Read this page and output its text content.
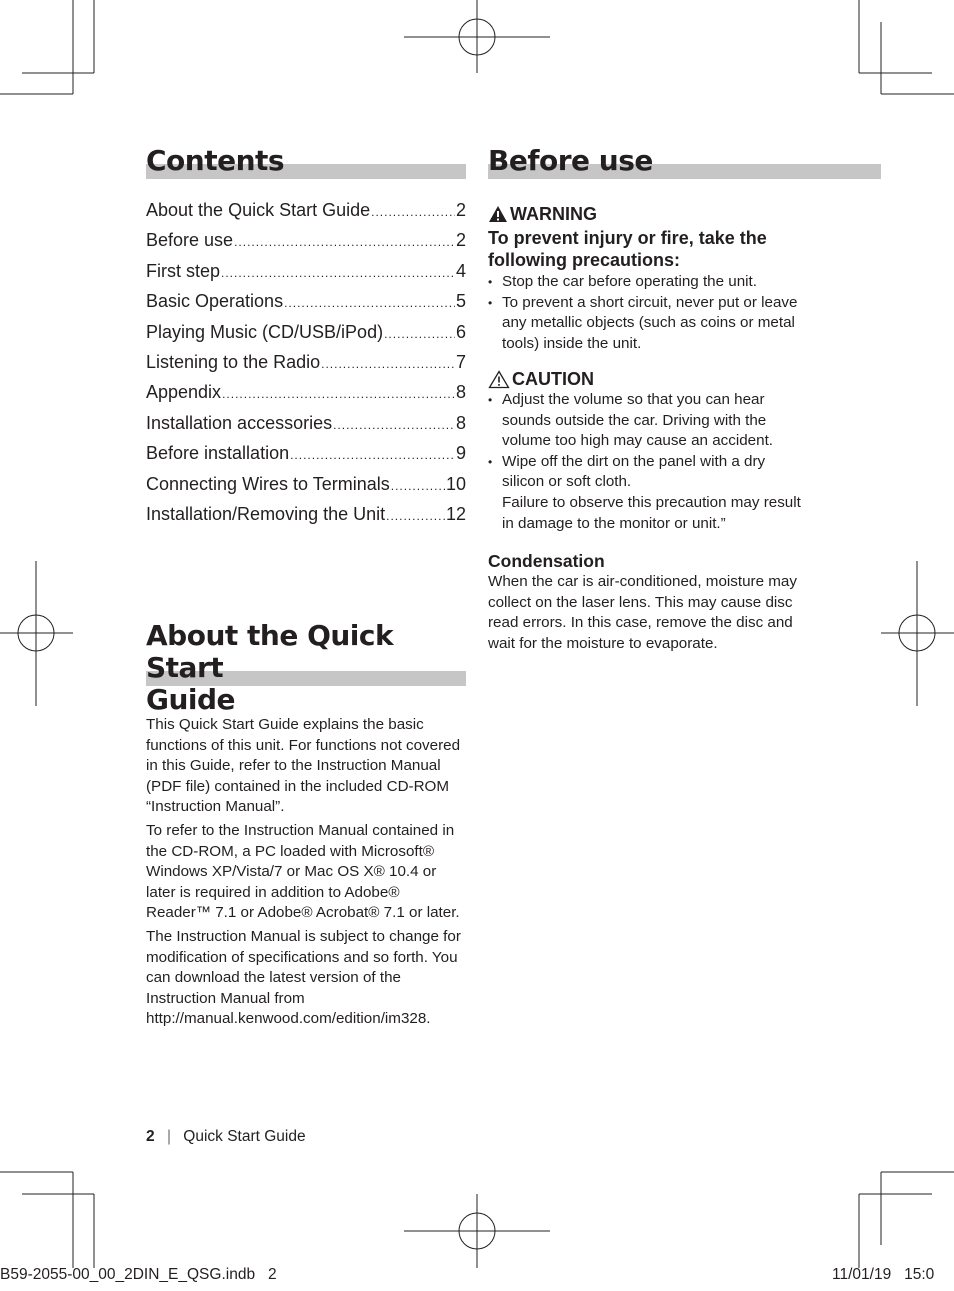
Contents
About the Quick Start Guide .....	2
Before use .....	2
First step .....	4
Basic Operations .....	5
Playing Music (CD/USB/iPod) .....	6
Listening to the Radio .....	7
Appendix .....	8
Installation accessories .....	8
Before installation .....	9
Connecting Wires to Terminals .....	10
Installation/Removing the Unit .....	12
About the Quick Start
Guide

This Quick Start Guide explains the basic functions of this unit. For functions not covered in this Guide, refer to the Instruction Manual (PDF file) contained in the included CD-ROM “Instruction Manual”.

To refer to the Instruction Manual contained in the CD-ROM, a PC loaded with Microsoft® Windows XP/Vista/7 or Mac OS X® 10.4 or later is required in addition to Adobe® Reader™ 7.1 or Adobe® Acrobat® 7.1 or later.

The Instruction Manual is subject to change for modification of specifications and so forth. You can download the latest version of the Instruction Manual from http://manual.kenwood.com/edition/im328.

Before use
WARNING
To prevent injury or fire, take the following precautions:
• Stop the car before operating the unit.
• To prevent a short circuit, never put or leave any metallic objects (such as coins or metal tools) inside the unit.
CAUTION
• Adjust the volume so that you can hear sounds outside the car. Driving with the volume too high may cause an accident.
• Wipe off the dirt on the panel with a dry silicon or soft cloth.
Failure to observe this precaution may result in damage to the monitor or unit.”
Condensation
When the car is air-conditioned, moisture may collect on the laser lens. This may cause disc read errors. In this case, remove the disc and wait for the moisture to evaporate.
2 | Quick Start Guide
B59-2055-00_00_2DIN_E_QSG.indb   2	11/01/19   15:0
